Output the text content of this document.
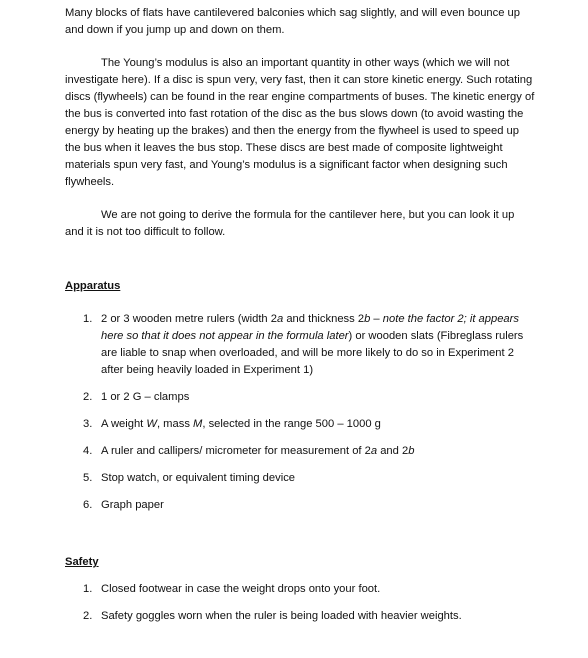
Many blocks of flats have cantilevered balconies which sag slightly, and will even bounce up and down if you jump up and down on them.

The Young’s modulus is also an important quantity in other ways (which we will not investigate here). If a disc is spun very, very fast, then it can store kinetic energy. Such rotating discs (flywheels) can be found in the rear engine compartments of buses. The kinetic energy of the bus is converted into fast rotation of the disc as the bus slows down (to avoid wasting the energy by heating up the brakes) and then the energy from the flywheel is used to speed up the bus when it leaves the bus stop. These discs are best made of composite lightweight materials spun very fast, and Young’s modulus is a significant factor when designing such flywheels.

We are not going to derive the formula for the cantilever here, but you can look it up and it is not too difficult to follow.

Apparatus

1. 2 or 3 wooden metre rulers (width 2a and thickness 2b – note the factor 2; it appears here so that it does not appear in the formula later) or wooden slats (Fibreglass rulers are liable to snap when overloaded, and will be more likely to do so in Experiment 2 after being heavily loaded in Experiment 1)
2. 1 or 2 G – clamps
3. A weight W, mass M, selected in the range 500 – 1000 g
4. A ruler and callipers/ micrometer for measurement of 2a and 2b
5. Stop watch, or equivalent timing device
6. Graph paper

Safety

1. Closed footwear in case the weight drops onto your foot.
2. Safety goggles worn when the ruler is being loaded with heavier weights.
